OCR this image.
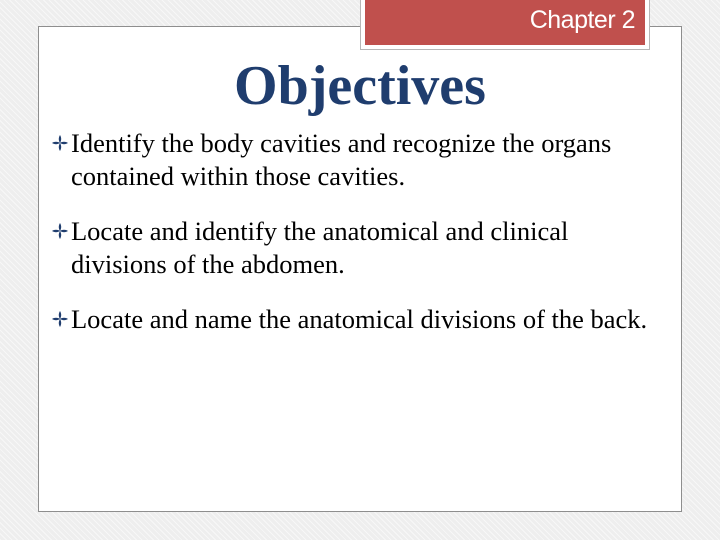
Chapter 2
Objectives
Identify the body cavities and recognize the organs contained within those cavities.
Locate and identify the anatomical and clinical divisions of the abdomen.
Locate and name the anatomical divisions of the back.
